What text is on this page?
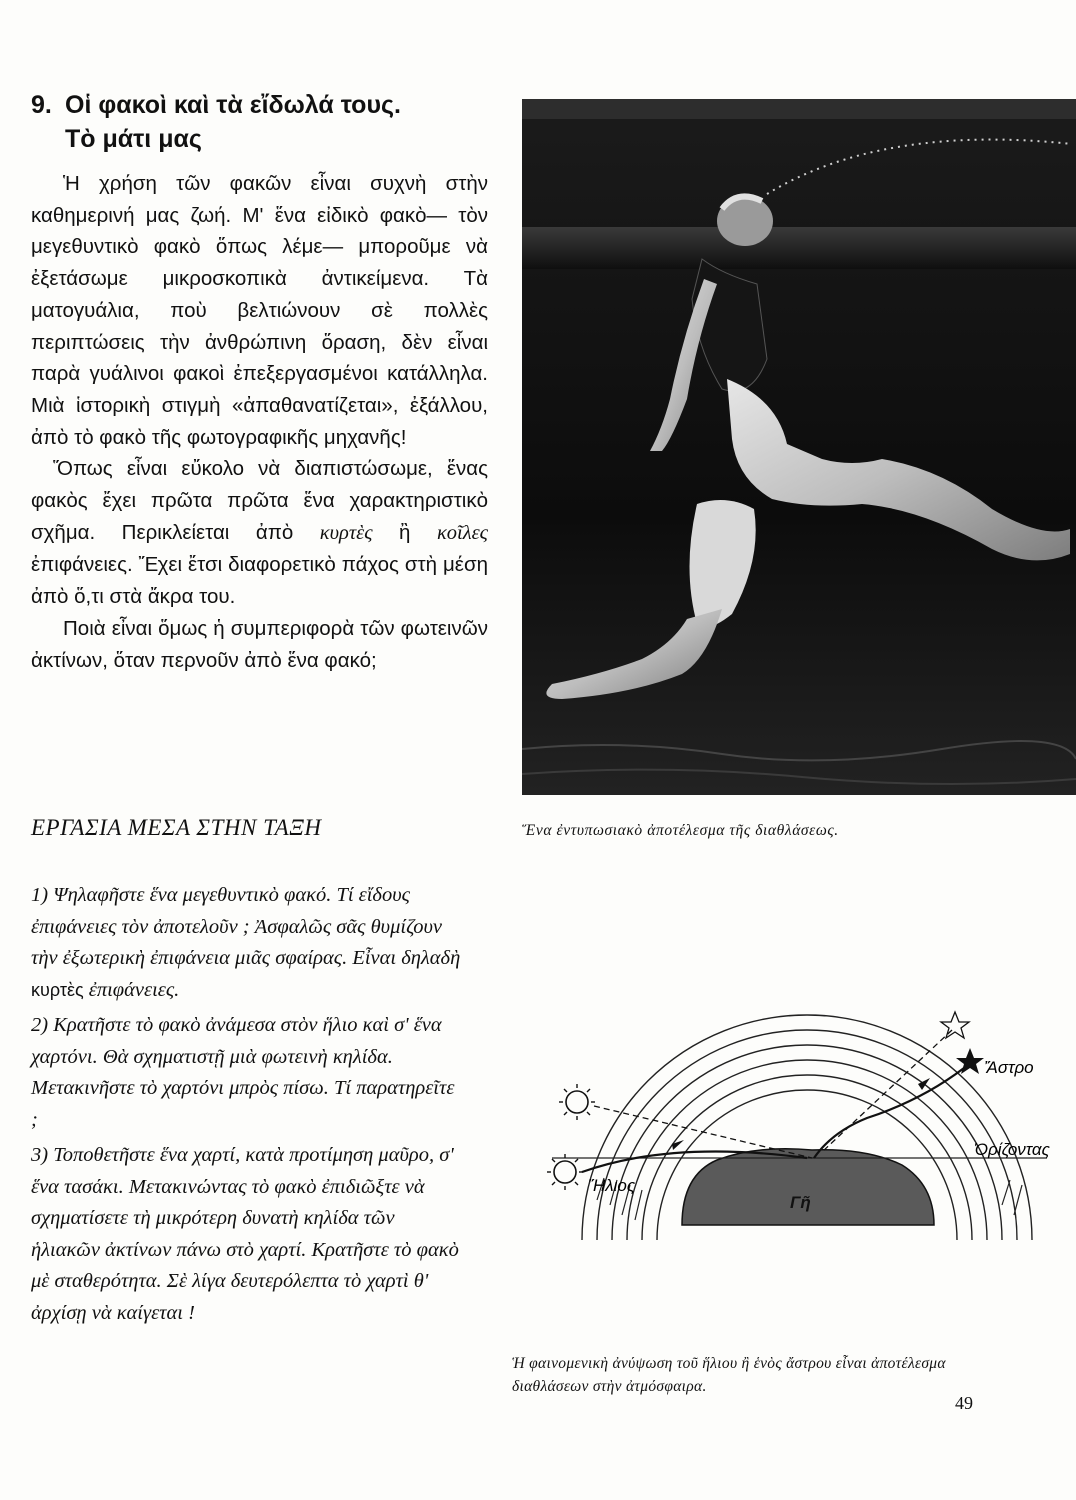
9. Οἱ φακοὶ καὶ τὰ εἴδωλά τους.
Τὸ μάτι μας

Ἡ χρήση τῶν φακῶν εἶναι συχνὴ στὴν καθημερινή μας ζωή. Μ' ἕνα εἰδικὸ φακὸ— τὸν μεγεθυντικὸ φακὸ ὅπως λέμε— μποροῦμε νὰ ἐξετάσωμε μικροσκοπικὰ ἀντικείμενα. Τὰ ματογυάλια, ποὺ βελτιώνουν σὲ πολλὲς περιπτώσεις τὴν ἀνθρώπινη ὅραση, δὲν εἶναι παρὰ γυάλινοι φακοὶ ἐπεξεργασμένοι κατάλληλα. Μιὰ ἱστορικὴ στιγμὴ «ἀπαθανατίζεται», ἐξάλλου, ἀπὸ τὸ φακὸ τῆς φωτογραφικῆς μηχανῆς!

Ὅπως εἶναι εὔκολο νὰ διαπιστώσωμε, ἕνας φακὸς ἔχει πρῶτα πρῶτα ἕνα χαρακτηριστικὸ σχῆμα. Περικλείεται ἀπὸ κυρτὲς ἢ κοῖλες ἐπιφάνειες. Ἔχει ἔτσι διαφορετικὸ πάχος στὴ μέση ἀπὸ ὅ,τι στὰ ἄκρα του.

Ποιὰ εἶναι ὅμως ἡ συμπεριφορὰ τῶν φωτεινῶν ἀκτίνων, ὅταν περνοῦν ἀπὸ ἕνα φακό;

ΕΡΓΑΣΙΑ ΜΕΣΑ ΣΤΗΝ ΤΑΞΗ

1) Ψηλαφῆστε ἕνα μεγεθυντικὸ φακό. Τί εἴδους ἐπιφάνειες τὸν ἀποτελοῦν ; Ἀσφαλῶς σᾶς θυμίζουν τὴν ἐξωτερικὴ ἐπιφάνεια μιᾶς σφαίρας. Εἶναι δηλαδὴ κυρτὲς ἐπιφάνειες.

2) Κρατῆστε τὸ φακὸ ἀνάμεσα στὸν ἥλιο καὶ σ' ἕνα χαρτόνι. Θὰ σχηματιστῇ μιὰ φωτεινὴ κηλίδα. Μετακινῆστε τὸ χαρτόνι μπρὸς πίσω. Τί παρατηρεῖτε ;

3) Τοποθετῆστε ἕνα χαρτί, κατὰ προτίμηση μαῦρο, σ' ἕνα τασάκι. Μετακινώντας τὸ φακὸ ἐπιδιῶξτε νὰ σχηματίσετε τὴ μικρότερη δυνατὴ κηλίδα τῶν ἡλιακῶν ἀκτίνων πάνω στὸ χαρτί. Κρατῆστε τὸ φακὸ μὲ σταθερότητα. Σὲ λίγα δευτερόλεπτα τὸ χαρτὶ θ' ἀρχίσῃ νὰ καίγεται !

Ἕνα ἐντυπωσιακὸ ἀποτέλεσμα τῆς διαθλάσεως.
Ἄστρο
Ὁρίζοντας
Ἥλιος
Γῆ
Ἡ φαινομενικὴ ἀνύψωση τοῦ ἥλιου ἢ ἑνὸς ἄστρου εἶναι ἀποτέλεσμα διαθλάσεων στὴν ἀτμόσφαιρα.
49
